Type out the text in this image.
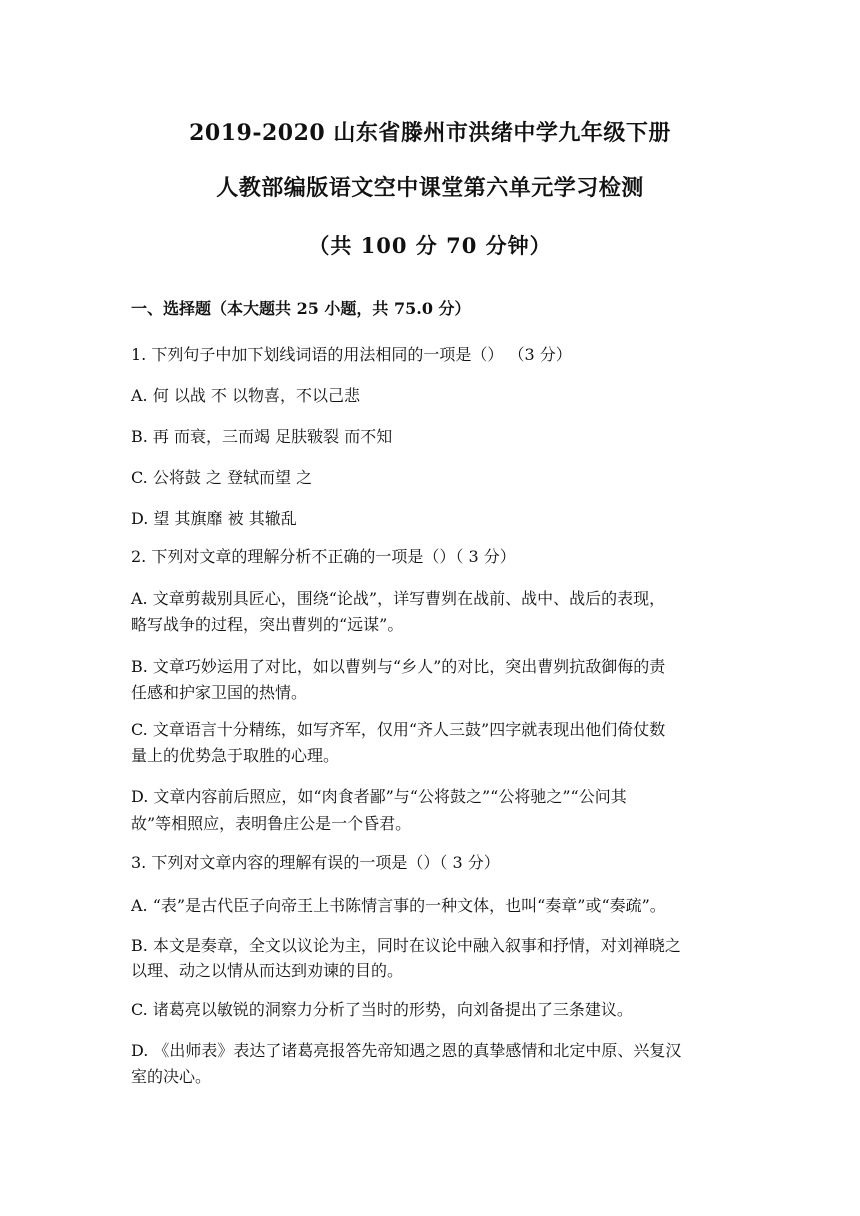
2019-2020 山东省滕州市洪绪中学九年级下册
人教部编版语文空中课堂第六单元学习检测
（共 100 分 70 分钟）
一、选择题（本大题共 25 小题，共 75.0 分）
1. 下列句子中加下划线词语的用法相同的一项是（） （3 分）
A. 何 以战 不 以物喜，不以己悲
B. 再 而衰，三而竭 足肤皲裂 而不知
C. 公将鼓 之 登轼而望 之
D. 望 其旗靡 被 其辙乱
2. 下列对文章的理解分析不正确的一项是（）（ 3 分）
A. 文章剪裁别具匠心，围绕“论战”，详写曹刿在战前、战中、战后的表现，
略写战争的过程，突出曹刿的“远谋”。
B. 文章巧妙运用了对比，如以曹刿与“乡人”的对比，突出曹刿抗敌御侮的责
任感和护家卫国的热情。
C. 文章语言十分精练，如写齐军，仅用“齐人三鼓”四字就表现出他们倚仗数
量上的优势急于取胜的心理。
D. 文章内容前后照应，如“肉食者鄙”与“公将鼓之”“公将驰之”“公问其
故”等相照应，表明鲁庄公是一个昏君。
3. 下列对文章内容的理解有误的一项是（）（ 3 分）
A. “表”是古代臣子向帝王上书陈情言事的一种文体，也叫“奏章”或“奏疏”。
B. 本文是奏章，全文以议论为主，同时在议论中融入叙事和抒情，对刘禅晓之
以理、动之以情从而达到劝谏的目的。
C. 诸葛亮以敏锐的洞察力分析了当时的形势，向刘备提出了三条建议。
D. 《出师表》表达了诸葛亮报答先帝知遇之恩的真挚感情和北定中原、兴复汉
室的决心。
